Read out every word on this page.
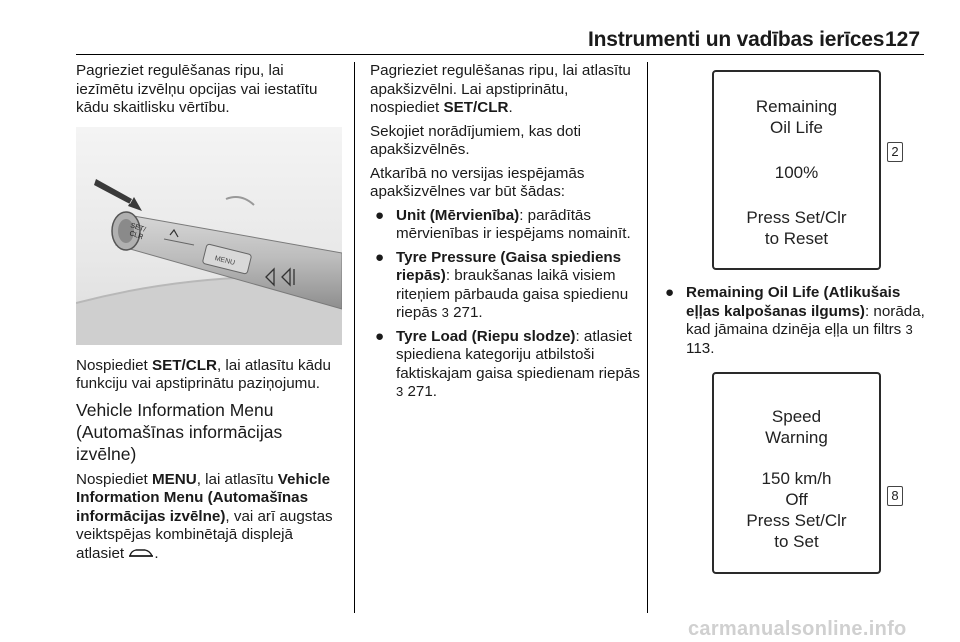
Instrumenti un vadības ierīces 127

Pagrieziet regulēšanas ripu, lai iezīmētu izvēlņu opcijas vai iestatītu kādu skaitlisku vērtību.

SET/
CLR
MENU

Nospiediet SET/CLR, lai atlasītu kādu funkciju vai apstiprinātu paziņojumu.

Vehicle Information Menu (Automašīnas informācijas izvēlne)

Nospiediet MENU, lai atlasītu Vehicle Information Menu (Automašīnas informācijas izvēlne), vai arī augstas veiktspējas kombinētajā displejā atlasiet .

Pagrieziet regulēšanas ripu, lai atlasītu apakšizvēlni. Lai apstiprinātu, nospiediet SET/CLR.

Sekojiet norādījumiem, kas doti apakšizvēlnēs.

Atkarībā no versijas iespējamās apakšizvēlnes var būt šādas:

● Unit (Mērvienība): parādītās mērvienības ir iespējams nomainīt.
● Tyre Pressure (Gaisa spiediens riepās): braukšanas laikā visiem riteņiem pārbauda gaisa spiedienu riepās 3 271.
● Tyre Load (Riepu slodze): atlasiet spiediena kategoriju atbilstoši faktiskajam gaisa spiedienam riepās 3 271.
Remaining
Oil Life
100%
Press Set/Clr
to Reset
2
● Remaining Oil Life (Atlikušais eļļas kalpošanas ilgums): norāda, kad jāmaina dzinēja eļļa un filtrs 3 113.
Speed
Warning
150 km/h
Off
Press Set/Clr
to Set
8
carmanualsonline.info
